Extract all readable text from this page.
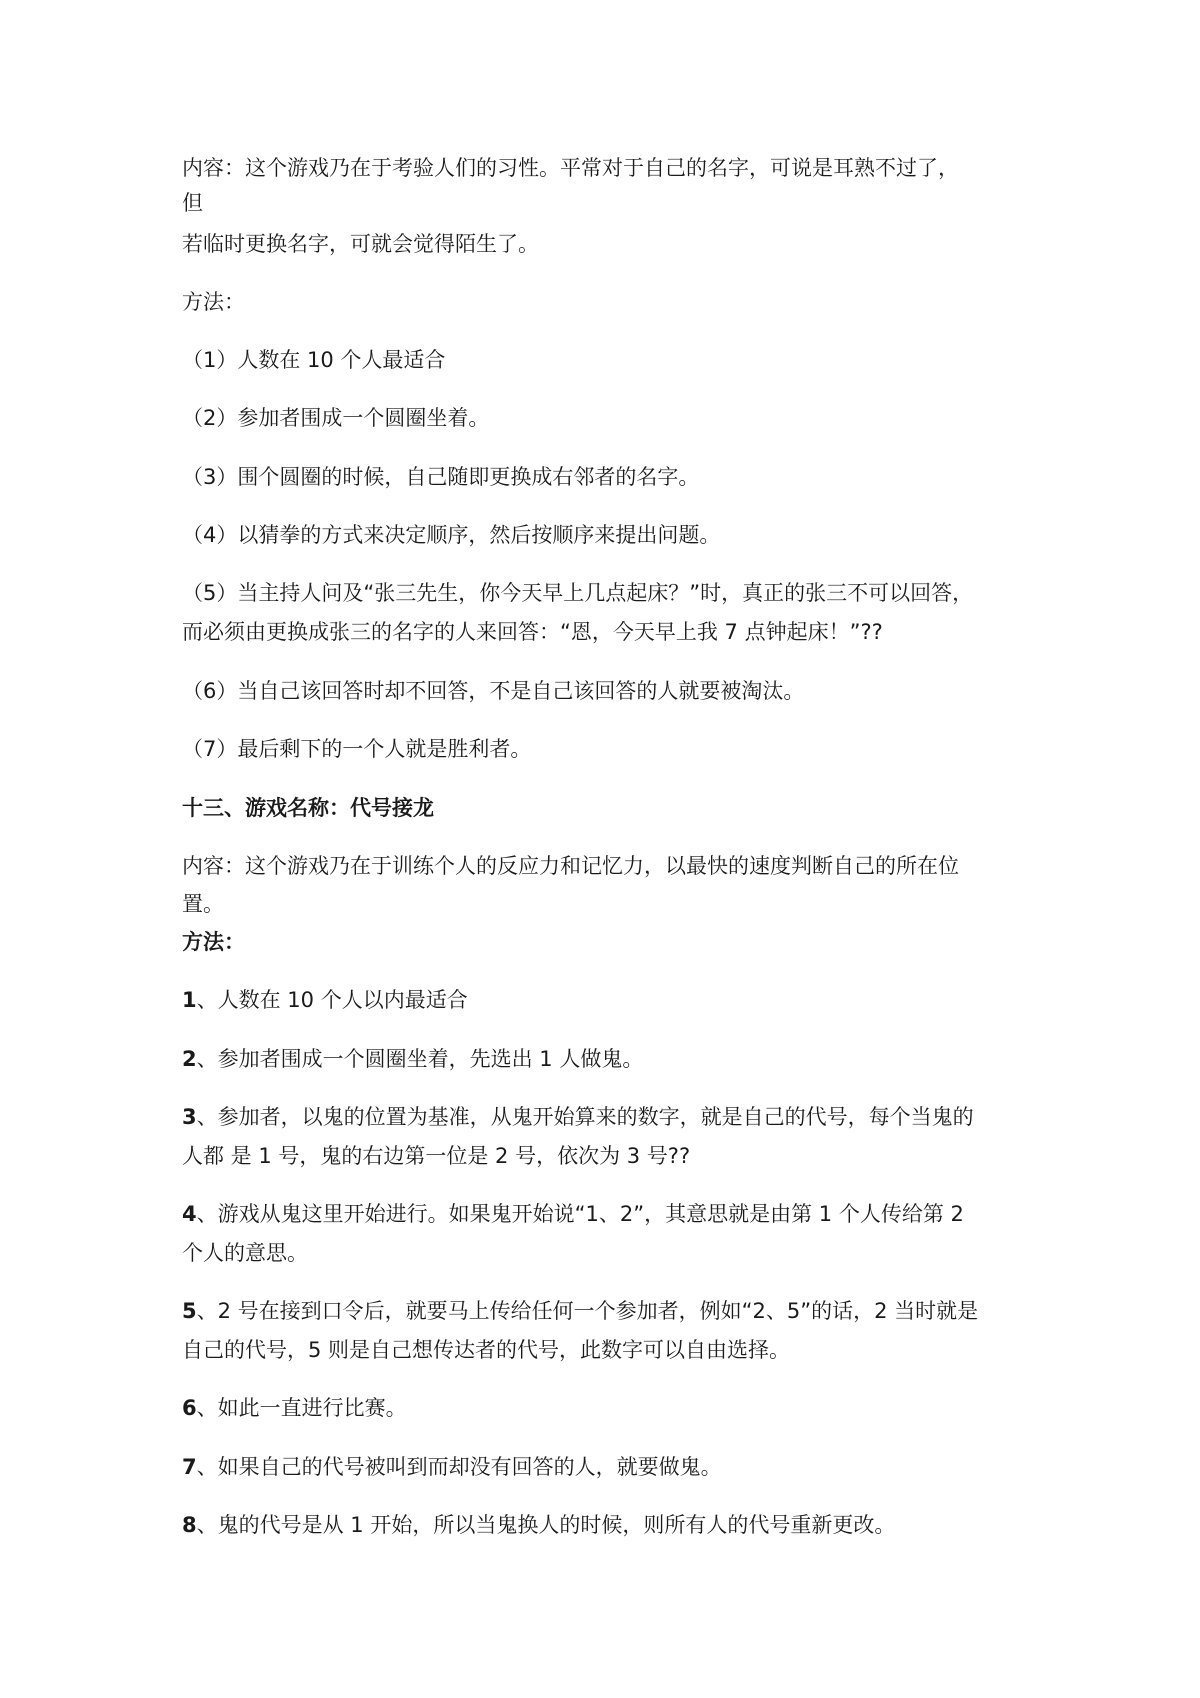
内容：这个游戏乃在于考验人们的习性。平常对于自己的名字，可说是耳熟不过了，
但
若临时更换名字，可就会觉得陌生了。
方法：
（1）人数在 10 个人最适合
（2）参加者围成一个圆圈坐着。
（3）围个圆圈的时候，自己随即更换成右邻者的名字。
（4）以猜拳的方式来决定顺序，然后按顺序来提出问题。
（5）当主持人问及“张三先生，你今天早上几点起床？”时，真正的张三不可以回答，
而必须由更换成张三的名字的人来回答：“恩，今天早上我 7 点钟起床！”??
（6）当自己该回答时却不回答，不是自己该回答的人就要被淘汰。
（7）最后剩下的一个人就是胜利者。
十三、游戏名称：代号接龙
内容：这个游戏乃在于训练个人的反应力和记忆力，以最快的速度判断自己的所在位
置。
方法：
1、人数在 10 个人以内最适合
2、参加者围成一个圆圈坐着，先选出 1 人做鬼。
3、参加者，以鬼的位置为基准，从鬼开始算来的数字，就是自己的代号，每个当鬼的
人都 是 1 号，鬼的右边第一位是 2 号，依次为 3 号??
4、游戏从鬼这里开始进行。如果鬼开始说“1、2”，其意思就是由第 1 个人传给第 2
个人的意思。
5、2 号在接到口令后，就要马上传给任何一个参加者，例如“2、5”的话，2 当时就是
自己的代号，5 则是自己想传达者的代号，此数字可以自由选择。
6、如此一直进行比赛。
7、如果自己的代号被叫到而却没有回答的人，就要做鬼。
8、鬼的代号是从 1 开始，所以当鬼换人的时候，则所有人的代号重新更改。
